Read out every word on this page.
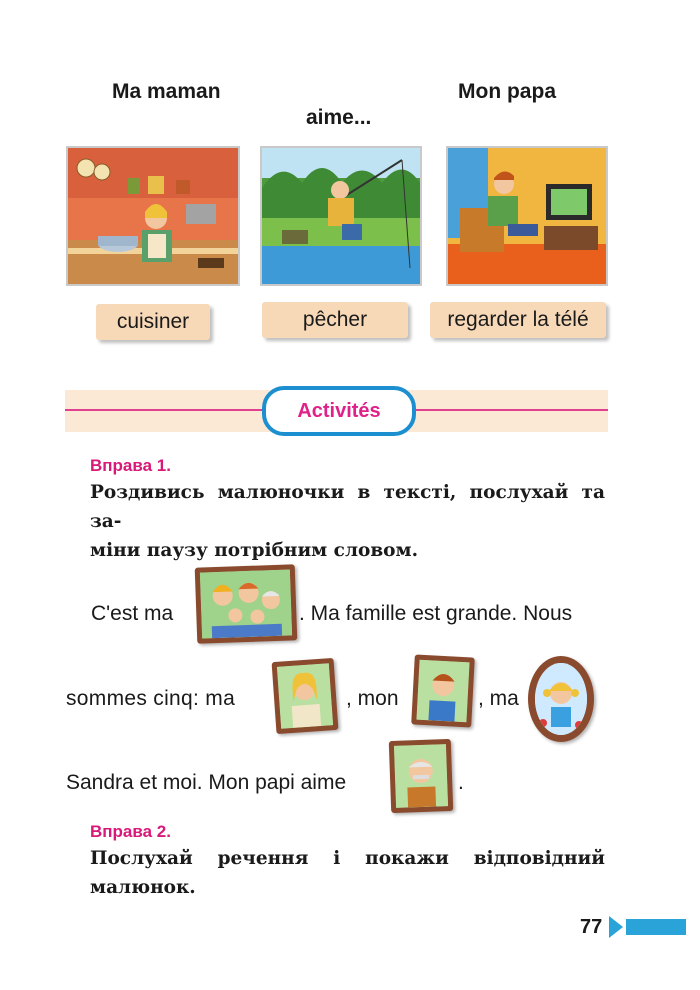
Ma maman	Mon papa
aime...
cuisiner	pêcher	regarder la télé
Activités
Вправа 1.
Роздивись малюночки в тексті, послухай та за-
міни паузу потрібним словом.
C'est ma	. Ma famille est grande. Nous
sommes cinq: ma	, mon	, ma
Sandra et moi. Mon papi aime	.
Вправа 2.
Послухай речення і покажи відповідний
малюнок.
77
